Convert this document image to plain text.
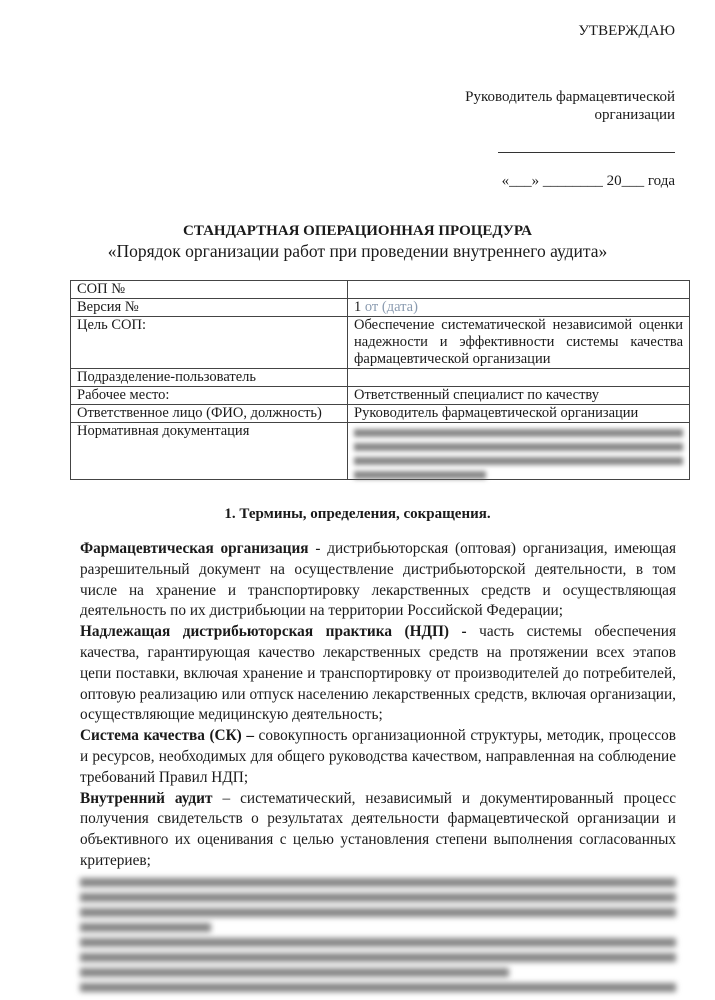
УТВЕРЖДАЮ
Руководитель фармацевтической
организации
«___» ________ 20___ года
СТАНДАРТНАЯ ОПЕРАЦИОННАЯ ПРОЦЕДУРА
«Порядок организации работ при проведении внутреннего аудита»
СОП №	
Версия №	1 от (дата)
Цель СОП:	Обеспечение систематической независимой оценки надежности и эффективности системы качества фармацевтической организации
Подразделение-пользователь	
Рабочее место:	Ответственный специалист по качеству
Ответственное лицо (ФИО, должность)	Руководитель фармацевтической организации
Нормативная документация	
1. Термины, определения, сокращения.

Фармацевтическая организация - дистрибьюторская (оптовая) организация, имеющая разрешительный документ на осуществление дистрибьюторской деятельности, в том числе на хранение и транспортировку лекарственных средств и осуществляющая деятельность по их дистрибьюции на территории Российской Федерации;

Надлежащая дистрибьюторская практика (НДП) - часть системы обеспечения качества, гарантирующая качество лекарственных средств на протяжении всех этапов цепи поставки, включая хранение и транспортировку от производителей до потребителей, оптовую реализацию или отпуск населению лекарственных средств, включая организации, осуществляющие медицинскую деятельность;

Система качества (СК) – совокупность организационной структуры, методик, процессов и ресурсов, необходимых для общего руководства качеством, направленная на соблюдение требований Правил НДП;

Внутренний аудит – систематический, независимый и документированный процесс получения свидетельств о результатах деятельности фармацевтической организации и объективного их оценивания с целью установления степени выполнения согласованных критериев;
